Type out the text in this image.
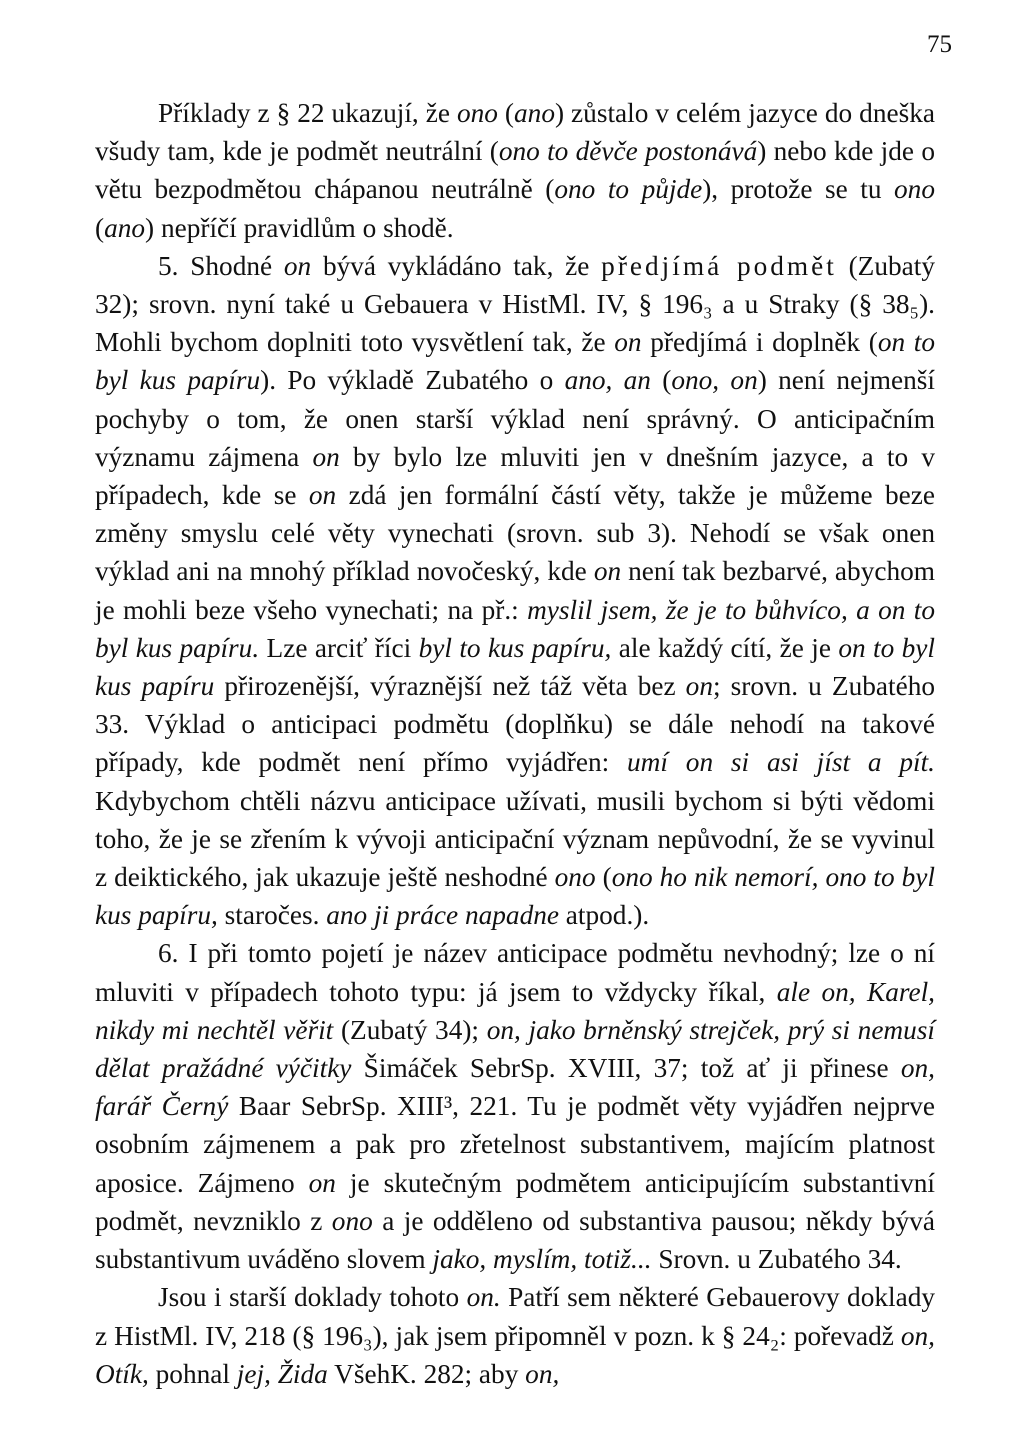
75

Příklady z § 22 ukazují, že ono (ano) zůstalo v celém jazyce do dneška všudy tam, kde je podmět neutrální (ono to děvče postonává) nebo kde jde o větu bezpodmětou chápanou neutrálně (ono to půjde), protože se tu ono (ano) nepříčí pravidlům o shodě.

5. Shodné on bývá vykládáno tak, že předjímá podmět (Zubatý 32); srovn. nyní také u Gebauera v HistMl. IV, § 196₃ a u Straky (§ 38₅). Mohli bychom doplniti toto vysvětlení tak, že on předjímá i doplněk (on to byl kus papíru). Po výkladě Zubatého o ano, an (ono, on) není nejmenší pochyby o tom, že onen starší výklad není správný. O anticipačním významu zájmena on by bylo lze mluviti jen v dnešním jazyce, a to v případech, kde se on zdá jen formální částí věty, takže je můžeme beze změny smyslu celé věty vynechati (srovn. sub 3). Nehodí se však onen výklad ani na mnohý příklad novočeský, kde on není tak bezbarvé, abychom je mohli beze všeho vynechati; na př.: myslil jsem, že je to bůhvíco, a on to byl kus papíru. Lze arciť říci byl to kus papíru, ale každý cítí, že je on to byl kus papíru přirozenější, výraznější než táž věta bez on; srovn. u Zubatého 33. Výklad o anticipaci podmětu (doplňku) se dále nehodí na takové případy, kde podmět není přímo vyjádřen: umí on si asi jíst a pít. Kdybychom chtěli názvu anticipace užívati, musili bychom si býti vědomi toho, že je se zřením k vývoji anticipační význam nepůvodní, že se vyvinul z deiktického, jak ukazuje ještě neshodné ono (ono ho nik nemorí, ono to byl kus papíru, staročes. ano ji práce napadne atpod.).

6. I při tomto pojetí je název anticipace podmětu nevhodný; lze o ní mluviti v případech tohoto typu: já jsem to vždycky říkal, ale on, Karel, nikdy mi nechtěl věřit (Zubatý 34); on, jako brněnský strejček, prý si nemusí dělat pražádné výčitky Šimáček SebrSp. XVIII, 37; tož ať ji přinese on, farář Černý Baar SebrSp. XIII³, 221. Tu je podmět věty vyjádřen nejprve osobním zájmenem a pak pro zřetelnost substantivem, majícím platnost aposice. Zájmeno on je skutečným podmětem anticipujícím substantivní podmět, nevzniklo z ono a je odděleno od substantiva pausou; někdy bývá substantivum uváděno slovem jako, myslím, totiž... Srovn. u Zubatého 34.

Jsou i starší doklady tohoto on. Patří sem některé Gebauerovy doklady z HistMl. IV, 218 (§ 196₃), jak jsem připomněl v pozn. k § 24₂: pořevadž on, Otík, pohnal jej, Žida VšehK. 282; aby on,
